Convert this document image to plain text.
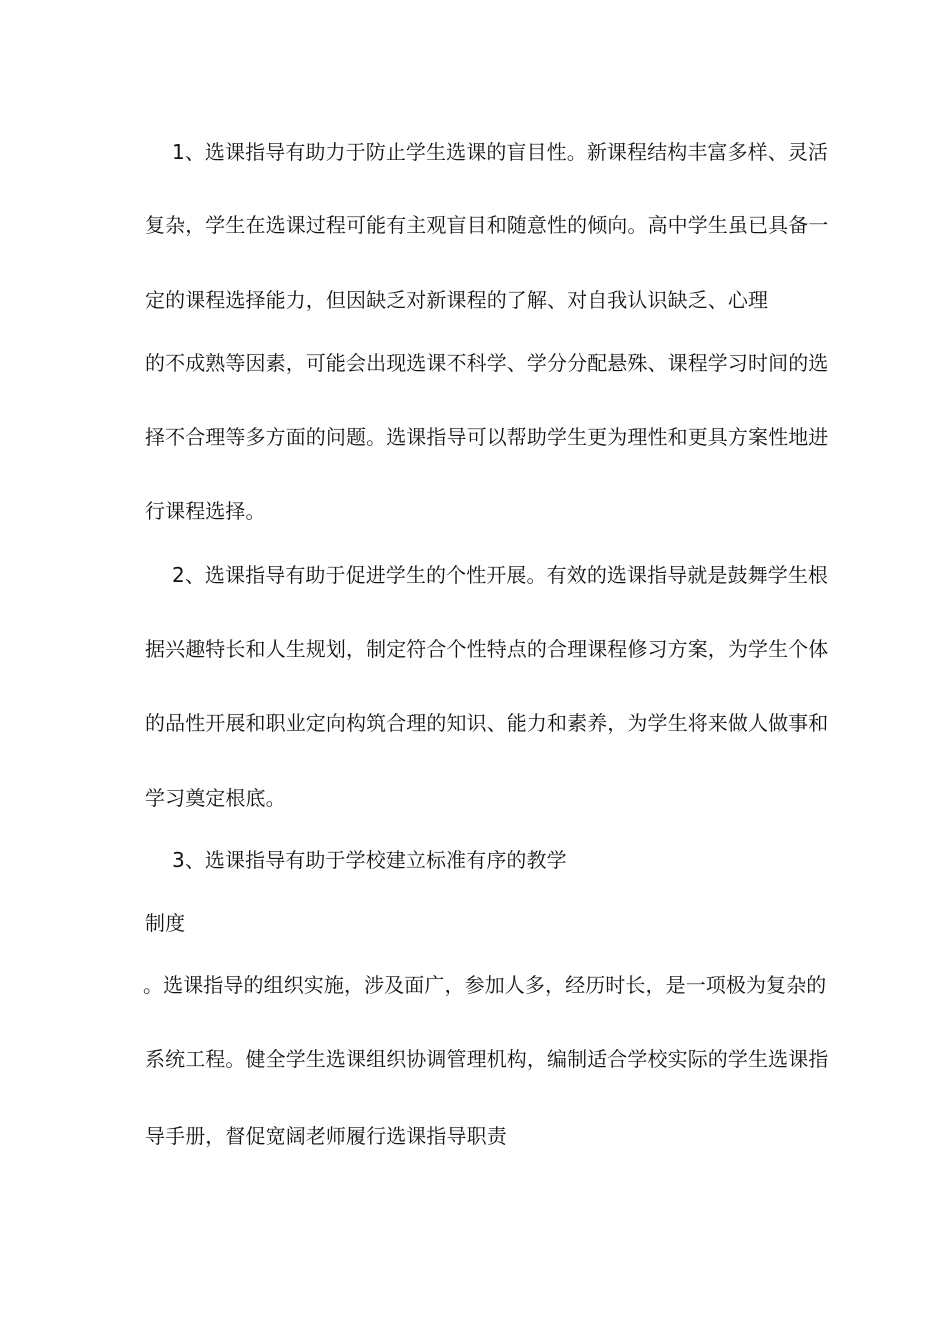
1、选课指导有助力于防止学生选课的盲目性。新课程结构丰富多样、灵活
复杂，学生在选课过程可能有主观盲目和随意性的倾向。高中学生虽已具备一
定的课程选择能力，但因缺乏对新课程的了解、对自我认识缺乏、心理
的不成熟等因素，可能会出现选课不科学、学分分配悬殊、课程学习时间的选
择不合理等多方面的问题。选课指导可以帮助学生更为理性和更具方案性地进
行课程选择。
2、选课指导有助于促进学生的个性开展。有效的选课指导就是鼓舞学生根
据兴趣特长和人生规划，制定符合个性特点的合理课程修习方案，为学生个体
的品性开展和职业定向构筑合理的知识、能力和素养，为学生将来做人做事和
学习奠定根底。
3、选课指导有助于学校建立标准有序的教学
制度
。选课指导的组织实施，涉及面广，参加人多，经历时长，是一项极为复杂的
系统工程。健全学生选课组织协调管理机构，编制适合学校实际的学生选课指
导手册，督促宽阔老师履行选课指导职责
